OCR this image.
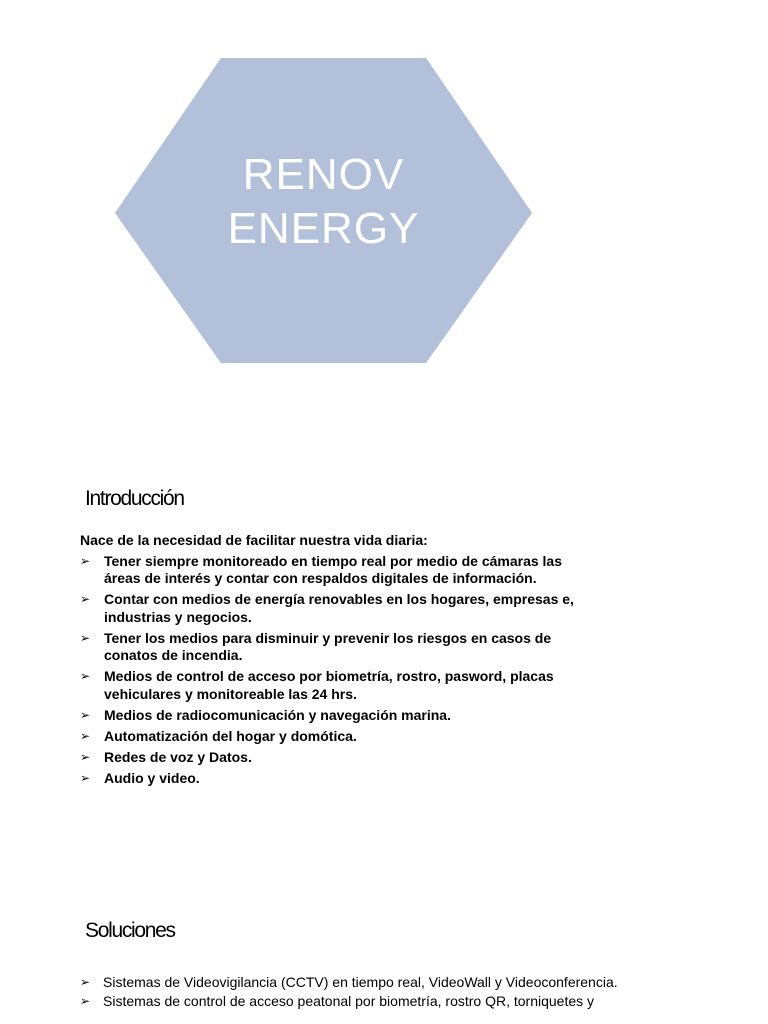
RENOV
ENERGY
Introducción

Nace de la necesidad de facilitar nuestra vida diaria:

➢ Tener siempre monitoreado en tiempo real por medio de cámaras las áreas de interés y contar con respaldos digitales de información.
➢ Contar con medios de energía renovables en los hogares, empresas e, industrias y negocios.
➢ Tener los medios para disminuir y prevenir los riesgos en casos de conatos de incendia.
➢ Medios de control de acceso por biometría, rostro, pasword, placas vehiculares y monitoreable las 24 hrs.
➢ Medios de radiocomunicación y navegación marina.
➢ Automatización del hogar y domótica.
➢ Redes de voz y Datos.
➢ Audio y video.
Soluciones
➢ Sistemas de Videovigilancia (CCTV) en tiempo real, VideoWall y Videoconferencia.
➢ Sistemas de control de acceso peatonal por biometría, rostro QR, torniquetes y
